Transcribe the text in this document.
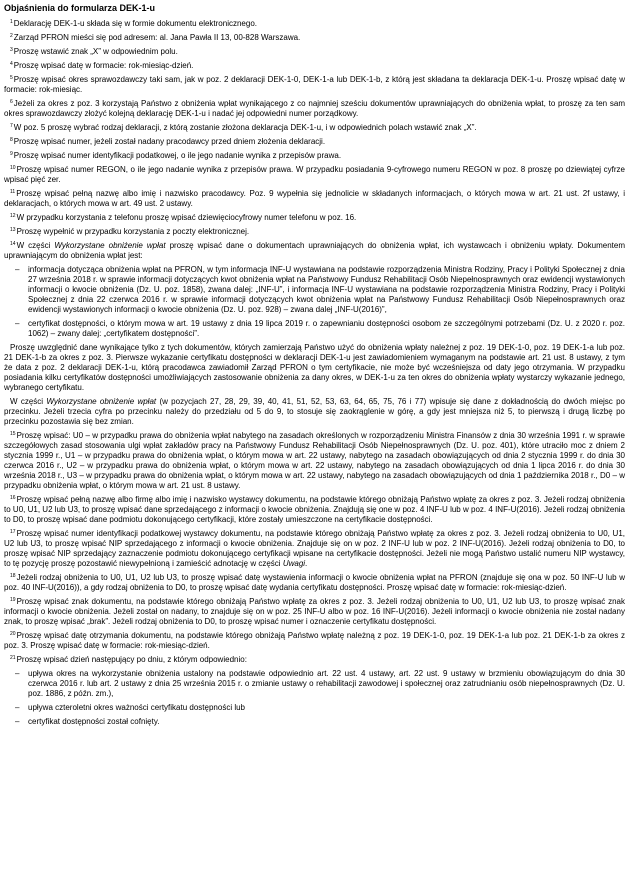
Objaśnienia do formularza DEK-1-u
$^1$Deklarację DEK-1-u składa się w formie dokumentu elektronicznego.
$^2$Zarząd PFRON mieści się pod adresem: al. Jana Pawła II 13, 00-828 Warszawa.
$^3$Proszę wstawić znak „X” w odpowiednim polu.
$^4$Proszę wpisać datę w formacie: rok-miesiąc-dzień.
$^5$Proszę wpisać okres sprawozdawczy taki sam, jak w poz. 2 deklaracji DEK-1-0, DEK-1-a lub DEK-1-b, z którą jest składana ta deklaracja DEK-1-u. Proszę wpisać datę w formacie: rok-miesiąc.
$^6$Jeżeli za okres z poz. 3 korzystają Państwo z obniżenia wpłat wynikającego z co najmniej sześciu dokumentów uprawniających do obniżenia wpłat, to proszę za ten sam okres sprawozdawczy złożyć kolejną deklarację DEK-1-u i nadać jej odpowiedni numer porządkowy.
$^7$W poz. 5 proszę wybrać rodzaj deklaracji, z którą zostanie złożona deklaracja DEK-1-u, i w odpowiednich polach wstawić znak „X”.
$^8$Proszę wpisać numer, jeżeli został nadany pracodawcy przed dniem złożenia deklaracji.
$^9$Proszę wpisać numer identyfikacji podatkowej, o ile jego nadanie wynika z przepisów prawa.
$^{10}$Proszę wpisać numer REGON, o ile jego nadanie wynika z przepisów prawa. W przypadku posiadania 9-cyfrowego numeru REGON w poz. 8 proszę po dziewiątej cyfrze wpisać pięć zer.
$^{11}$Proszę wpisać pełną nazwę albo imię i nazwisko pracodawcy. Poz. 9 wypełnia się jednolicie w składanych informacjach, o których mowa w art. 21 ust. 2f ustawy, i deklaracjach, o których mowa w art. 49 ust. 2 ustawy.
$^{12}$W przypadku korzystania z telefonu proszę wpisać dziewięciocyfrowy numer telefonu w poz. 16.
$^{13}$Proszę wypełnić w przypadku korzystania z poczty elektronicznej.
$^{14}$W części Wykorzystane obniżenie wpłat proszę wpisać dane o dokumentach uprawniających do obniżenia wpłat, ich wystawcach i obniżeniu wpłaty. Dokumentem uprawniającym do obniżenia wpłat jest:
– informacja dotycząca obniżenia wpłat na PFRON, w tym informacja INF-U wystawiana na podstawie rozporządzenia Ministra Rodziny, Pracy i Polityki Społecznej z dnia 27 września 2018 r. w sprawie informacji dotyczących kwot obniżenia wpłat na Państwowy Fundusz Rehabilitacji Osób Niepełnosprawnych oraz ewidencji wystawionych informacji o kwocie obniżenia (Dz. U. poz. 1858), zwana dalej: „INF-U”, i informacja INF-U wystawiana na podstawie rozporządzenia Ministra Rodziny, Pracy i Polityki Społecznej z dnia 22 czerwca 2016 r. w sprawie informacji dotyczących kwot obniżenia wpłat na Państwowy Fundusz Rehabilitacji Osób Niepełnosprawnych oraz ewidencji wystawionych informacji o kwocie obniżenia (Dz. U. poz. 928) – zwana dalej „INF-U(2016)”,
– certyfikat dostępności, o którym mowa w art. 19 ustawy z dnia 19 lipca 2019 r. o zapewnianiu dostępności osobom ze szczególnymi potrzebami (Dz. U. z 2020 r. poz. 1062) – zwany dalej: „certyfikatem dostępności”.
Proszę uwzględnić dane wynikające tylko z tych dokumentów, których zamierzają Państwo użyć do obniżenia wpłaty należnej z poz. 19 DEK-1-0, poz. 19 DEK-1-a lub poz. 21 DEK-1-b za okres z poz. 3. Pierwsze wykazanie certyfikatu dostępności w deklaracji DEK-1-u jest zawiadomieniem wymaganym na podstawie art. 21 ust. 8 ustawy, z tym że data z poz. 2 deklaracji DEK-1-u, którą pracodawca zawiadomił Zarząd PFRON o tym certyfikacie, nie może być wcześniejsza od daty jego otrzymania. W przypadku posiadania kilku certyfikatów dostępności umożliwiających zastosowanie obniżenia za dany okres, w DEK-1-u za ten okres do obniżenia wpłaty wystarczy wykazanie jednego, wybranego certyfikatu.
W części Wykorzystane obniżenie wpłat (w pozycjach 27, 28, 29, 39, 40, 41, 51, 52, 53, 63, 64, 65, 75, 76 i 77) wpisuje się dane z dokładnością do dwóch miejsc po przecinku. Jeżeli trzecia cyfra po przecinku należy do przedziału od 5 do 9, to stosuje się zaokrąglenie w górę, a gdy jest mniejsza niż 5, to pierwszą i drugą liczbę po przecinku pozostawia się bez zmian.
$^{15}$Proszę wpisać: U0 – w przypadku prawa do obniżenia wpłat nabytego na zasadach określonych w rozporządzeniu Ministra Finansów z dnia 30 września 1991 r. w sprawie szczegółowych zasad stosowania ulgi wpłat zakładów pracy na Państwowy Fundusz Rehabilitacji Osób Niepełnosprawnych (Dz. U. poz. 401), które utraciło moc z dniem 2 stycznia 1999 r., U1 – w przypadku prawa do obniżenia wpłat, o którym mowa w art. 22 ustawy, nabytego na zasadach obowiązujących od dnia 2 stycznia 1999 r. do dnia 30 czerwca 2016 r., U2 – w przypadku prawa do obniżenia wpłat, o którym mowa w art. 22 ustawy, nabytego na zasadach obowiązujących od dnia 1 lipca 2016 r. do dnia 30 września 2018 r., U3 – w przypadku prawa do obniżenia wpłat, o którym mowa w art. 22 ustawy, nabytego na zasadach obowiązujących od dnia 1 października 2018 r., D0 – w przypadku obniżenia wpłat, o którym mowa w art. 21 ust. 8 ustawy.
$^{16}$Proszę wpisać pełną nazwę albo firmę albo imię i nazwisko wystawcy dokumentu, na podstawie którego obniżają Państwo wpłatę za okres z poz. 3. Jeżeli rodzaj obniżenia to U0, U1, U2 lub U3, to proszę wpisać dane sprzedającego z informacji o kwocie obniżenia. Znajdują się one w poz. 4 INF-U lub w poz. 4 INF-U(2016). Jeżeli rodzaj obniżenia to D0, to proszę wpisać dane podmiotu dokonującego certyfikacji, które zostały umieszczone na certyfikacie dostępności.
$^{17}$Proszę wpisać numer identyfikacji podatkowej wystawcy dokumentu, na podstawie którego obniżają Państwo wpłatę za okres z poz. 3. Jeżeli rodzaj obniżenia to U0, U1, U2 lub U3, to proszę wpisać NIP sprzedającego z informacji o kwocie obniżenia. Znajduje się on w poz. 2 INF-U lub w poz. 2 INF-U(2016). Jeżeli rodzaj obniżenia to D0, to proszę wpisać NIP sprzedający zaznaczenie podmiotu dokonującego certyfikacji wpisane na certyfikacie dostępności. Jeżeli nie mogą Państwo ustalić numeru NIP wystawcy, to tę pozycję proszę pozostawić niewypełnioną i zamieścić adnotację w części Uwagi.
$^{18}$Jeżeli rodzaj obniżenia to U0, U1, U2 lub U3, to proszę wpisać datę wystawienia informacji o kwocie obniżenia wpłat na PFRON (znajduje się ona w poz. 50 INF-U lub w poz. 40 INF-U(2016)), a gdy rodzaj obniżenia to D0, to proszę wpisać datę wydania certyfikatu dostępności. Proszę wpisać datę w formacie: rok-miesiąc-dzień.
$^{19}$Proszę wpisać znak dokumentu, na podstawie którego obniżają Państwo wpłatę za okres z poz. 3. Jeżeli rodzaj obniżenia to U0, U1, U2 lub U3, to proszę wpisać znak informacji o kwocie obniżenia. Jeżeli został on nadany, to znajduje się on w poz. 25 INF-U albo w poz. 16 INF-U(2016). Jeżeli informacji o kwocie obniżenia nie został nadany znak, to proszę wpisać „brak”. Jeżeli rodzaj obniżenia to D0, to proszę wpisać numer i oznaczenie certyfikatu dostępności.
$^{20}$Proszę wpisać datę otrzymania dokumentu, na podstawie którego obniżają Państwo wpłatę należną z poz. 19 DEK-1-0, poz. 19 DEK-1-a lub poz. 21 DEK-1-b za okres z poz. 3. Proszę wpisać datę w formacie: rok-miesiąc-dzień.
$^{21}$Proszę wpisać dzień następujący po dniu, z którym odpowiednio:
– upływa okres na wykorzystanie obniżenia ustalony na podstawie odpowiednio art. 22 ust. 4 ustawy, art. 22 ust. 9 ustawy w brzmieniu obowiązującym do dnia 30 czerwca 2016 r. lub art. 2 ustawy z dnia 25 września 2015 r. o zmianie ustawy o rehabilitacji zawodowej i społecznej oraz zatrudnianiu osób niepełnosprawnych (Dz. U. poz. 1886, z późn. zm.),
– upływa czteroletni okres ważności certyfikatu dostępności lub
– certyfikat dostępności został cofnięty.
